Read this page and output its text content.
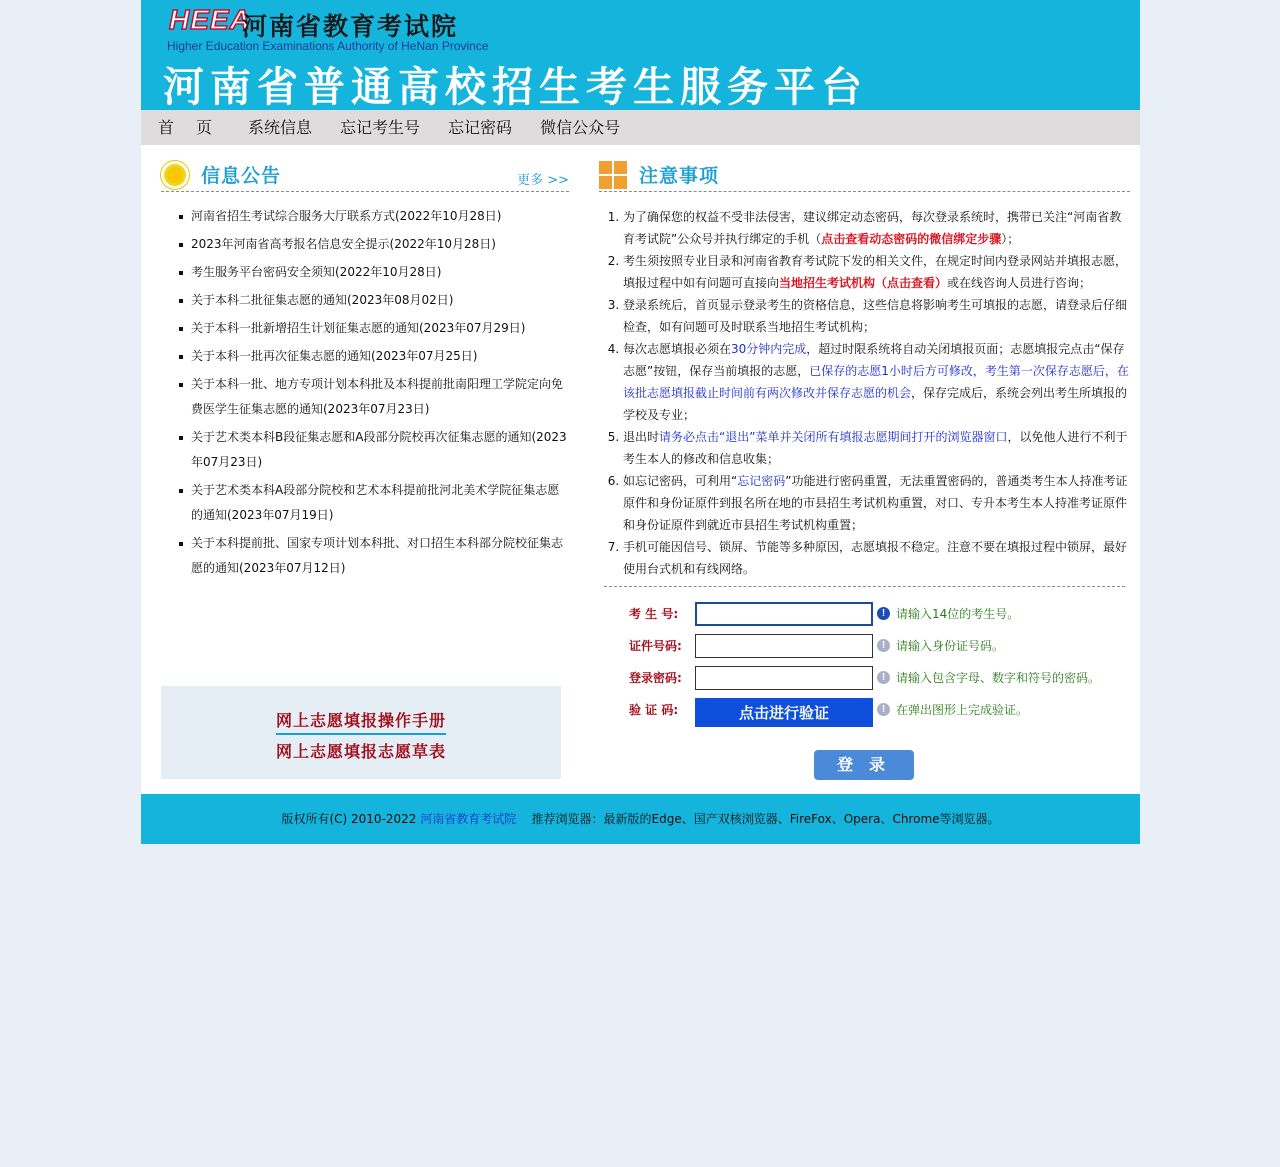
HEEA
河南省教育考试院
Higher Education Examinations Authority of HeNan Province
河南省普通高校招生考生服务平台
首页 系统信息 忘记考生号 忘记密码 微信公众号
信息公告	更多 >>
河南省招生考试综合服务大厅联系方式(2022年10月28日)
2023年河南省高考报名信息安全提示(2022年10月28日)
考生服务平台密码安全须知(2022年10月28日)
关于本科二批征集志愿的通知(2023年08月02日)
关于本科一批新增招生计划征集志愿的通知(2023年07月29日)
关于本科一批再次征集志愿的通知(2023年07月25日)
关于本科一批、地方专项计划本科批及本科提前批南阳理工学院定向免费医学生征集志愿的通知(2023年07月23日)
关于艺术类本科B段征集志愿和A段部分院校再次征集志愿的通知(2023年07月23日)
关于艺术类本科A段部分院校和艺术本科提前批河北美术学院征集志愿的通知(2023年07月19日)
关于本科提前批、国家专项计划本科批、对口招生本科部分院校征集志愿的通知(2023年07月12日)
网上志愿填报操作手册
网上志愿填报志愿草表
注意事项
1. 为了确保您的权益不受非法侵害，建议绑定动态密码，每次登录系统时，携带已关注“河南省教育考试院”公众号并执行绑定的手机（点击查看动态密码的微信绑定步骤）；
2. 考生须按照专业目录和河南省教育考试院下发的相关文件，在规定时间内登录网站并填报志愿，填报过程中如有问题可直接向当地招生考试机构（点击查看）或在线咨询人员进行咨询；
3. 登录系统后，首页显示登录考生的资格信息，这些信息将影响考生可填报的志愿，请登录后仔细检查，如有问题可及时联系当地招生考试机构；
4. 每次志愿填报必须在30分钟内完成，超过时限系统将自动关闭填报页面；志愿填报完点击“保存志愿”按钮，保存当前填报的志愿，已保存的志愿1小时后方可修改，考生第一次保存志愿后，在该批志愿填报截止时间前有两次修改并保存志愿的机会，保存完成后，系统会列出考生所填报的学校及专业；
5. 退出时请务必点击“退出”菜单并关闭所有填报志愿期间打开的浏览器窗口，以免他人进行不利于考生本人的修改和信息收集；
6. 如忘记密码，可利用“忘记密码”功能进行密码重置，无法重置密码的，普通类考生本人持准考证原件和身份证原件到报名所在地的市县招生考试机构重置，对口、专升本考生本人持准考证原件和身份证原件到就近市县招生考试机构重置；
7. 手机可能因信号、锁屏、节能等多种原因，志愿填报不稳定。注意不要在填报过程中锁屏，最好使用台式机和有线网络。
考 生 号:	! 请输入14位的考生号。
证件号码:	! 请输入身份证号码。
登录密码:	! 请输入包含字母、数字和符号的密码。
验 证 码:	点击进行验证	! 在弹出图形上完成验证。
登录
版权所有(C) 2010-2022 河南省教育考试院 推荐浏览器：最新版的Edge、国产双核浏览器、FireFox、Opera、Chrome等浏览器。
